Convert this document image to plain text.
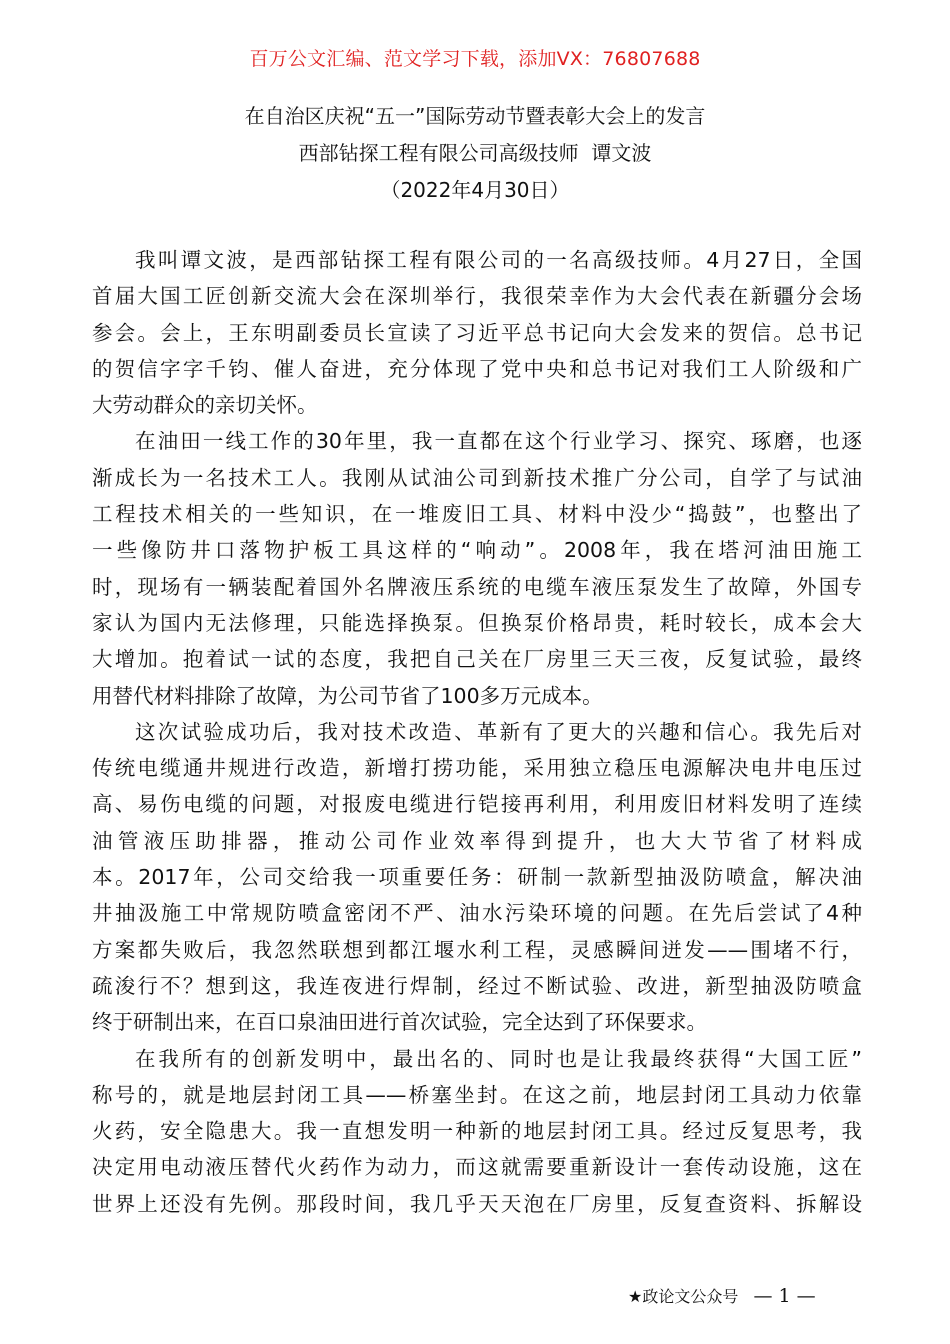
百万公文汇编、范文学习下载，添加VX：76807688
在自治区庆祝“五一”国际劳动节暨表彰大会上的发言
西部钻探工程有限公司高级技师  谭文波
（2022年4月30日）
我叫谭文波，是西部钻探工程有限公司的一名高级技师。4月27日，全国
首届大国工匠创新交流大会在深圳举行，我很荣幸作为大会代表在新疆分会场
参会。会上，王东明副委员长宣读了习近平总书记向大会发来的贺信。总书记
的贺信字字千钧、催人奋进，充分体现了党中央和总书记对我们工人阶级和广
大劳动群众的亲切关怀。
在油田一线工作的30年里，我一直都在这个行业学习、探究、琢磨，也逐
渐成长为一名技术工人。我刚从试油公司到新技术推广分公司，自学了与试油
工程技术相关的一些知识，在一堆废旧工具、材料中没少“捣鼓”，也整出了
一些像防井口落物护板工具这样的“响动”。2008年，我在塔河油田施工
时，现场有一辆装配着国外名牌液压系统的电缆车液压泵发生了故障，外国专
家认为国内无法修理，只能选择换泵。但换泵价格昂贵，耗时较长，成本会大
大增加。抱着试一试的态度，我把自己关在厂房里三天三夜，反复试验，最终
用替代材料排除了故障，为公司节省了100多万元成本。
这次试验成功后，我对技术改造、革新有了更大的兴趣和信心。我先后对
传统电缆通井规进行改造，新增打捞功能，采用独立稳压电源解决电井电压过
高、易伤电缆的问题，对报废电缆进行铠接再利用，利用废旧材料发明了连续
油管液压助排器，推动公司作业效率得到提升，也大大节省了材料成
本。2017年，公司交给我一项重要任务：研制一款新型抽汲防喷盒，解决油
井抽汲施工中常规防喷盒密闭不严、油水污染环境的问题。在先后尝试了4种
方案都失败后，我忽然联想到都江堰水利工程，灵感瞬间迸发——围堵不行，
疏浚行不？想到这，我连夜进行焊制，经过不断试验、改进，新型抽汲防喷盒
终于研制出来，在百口泉油田进行首次试验，完全达到了环保要求。
在我所有的创新发明中，最出名的、同时也是让我最终获得“大国工匠”
称号的，就是地层封闭工具——桥塞坐封。在这之前，地层封闭工具动力依靠
火药，安全隐患大。我一直想发明一种新的地层封闭工具。经过反复思考，我
决定用电动液压替代火药作为动力，而这就需要重新设计一套传动设施，这在
世界上还没有先例。那段时间，我几乎天天泡在厂房里，反复查资料、拆解设
★政论文公众号 — 1 —
